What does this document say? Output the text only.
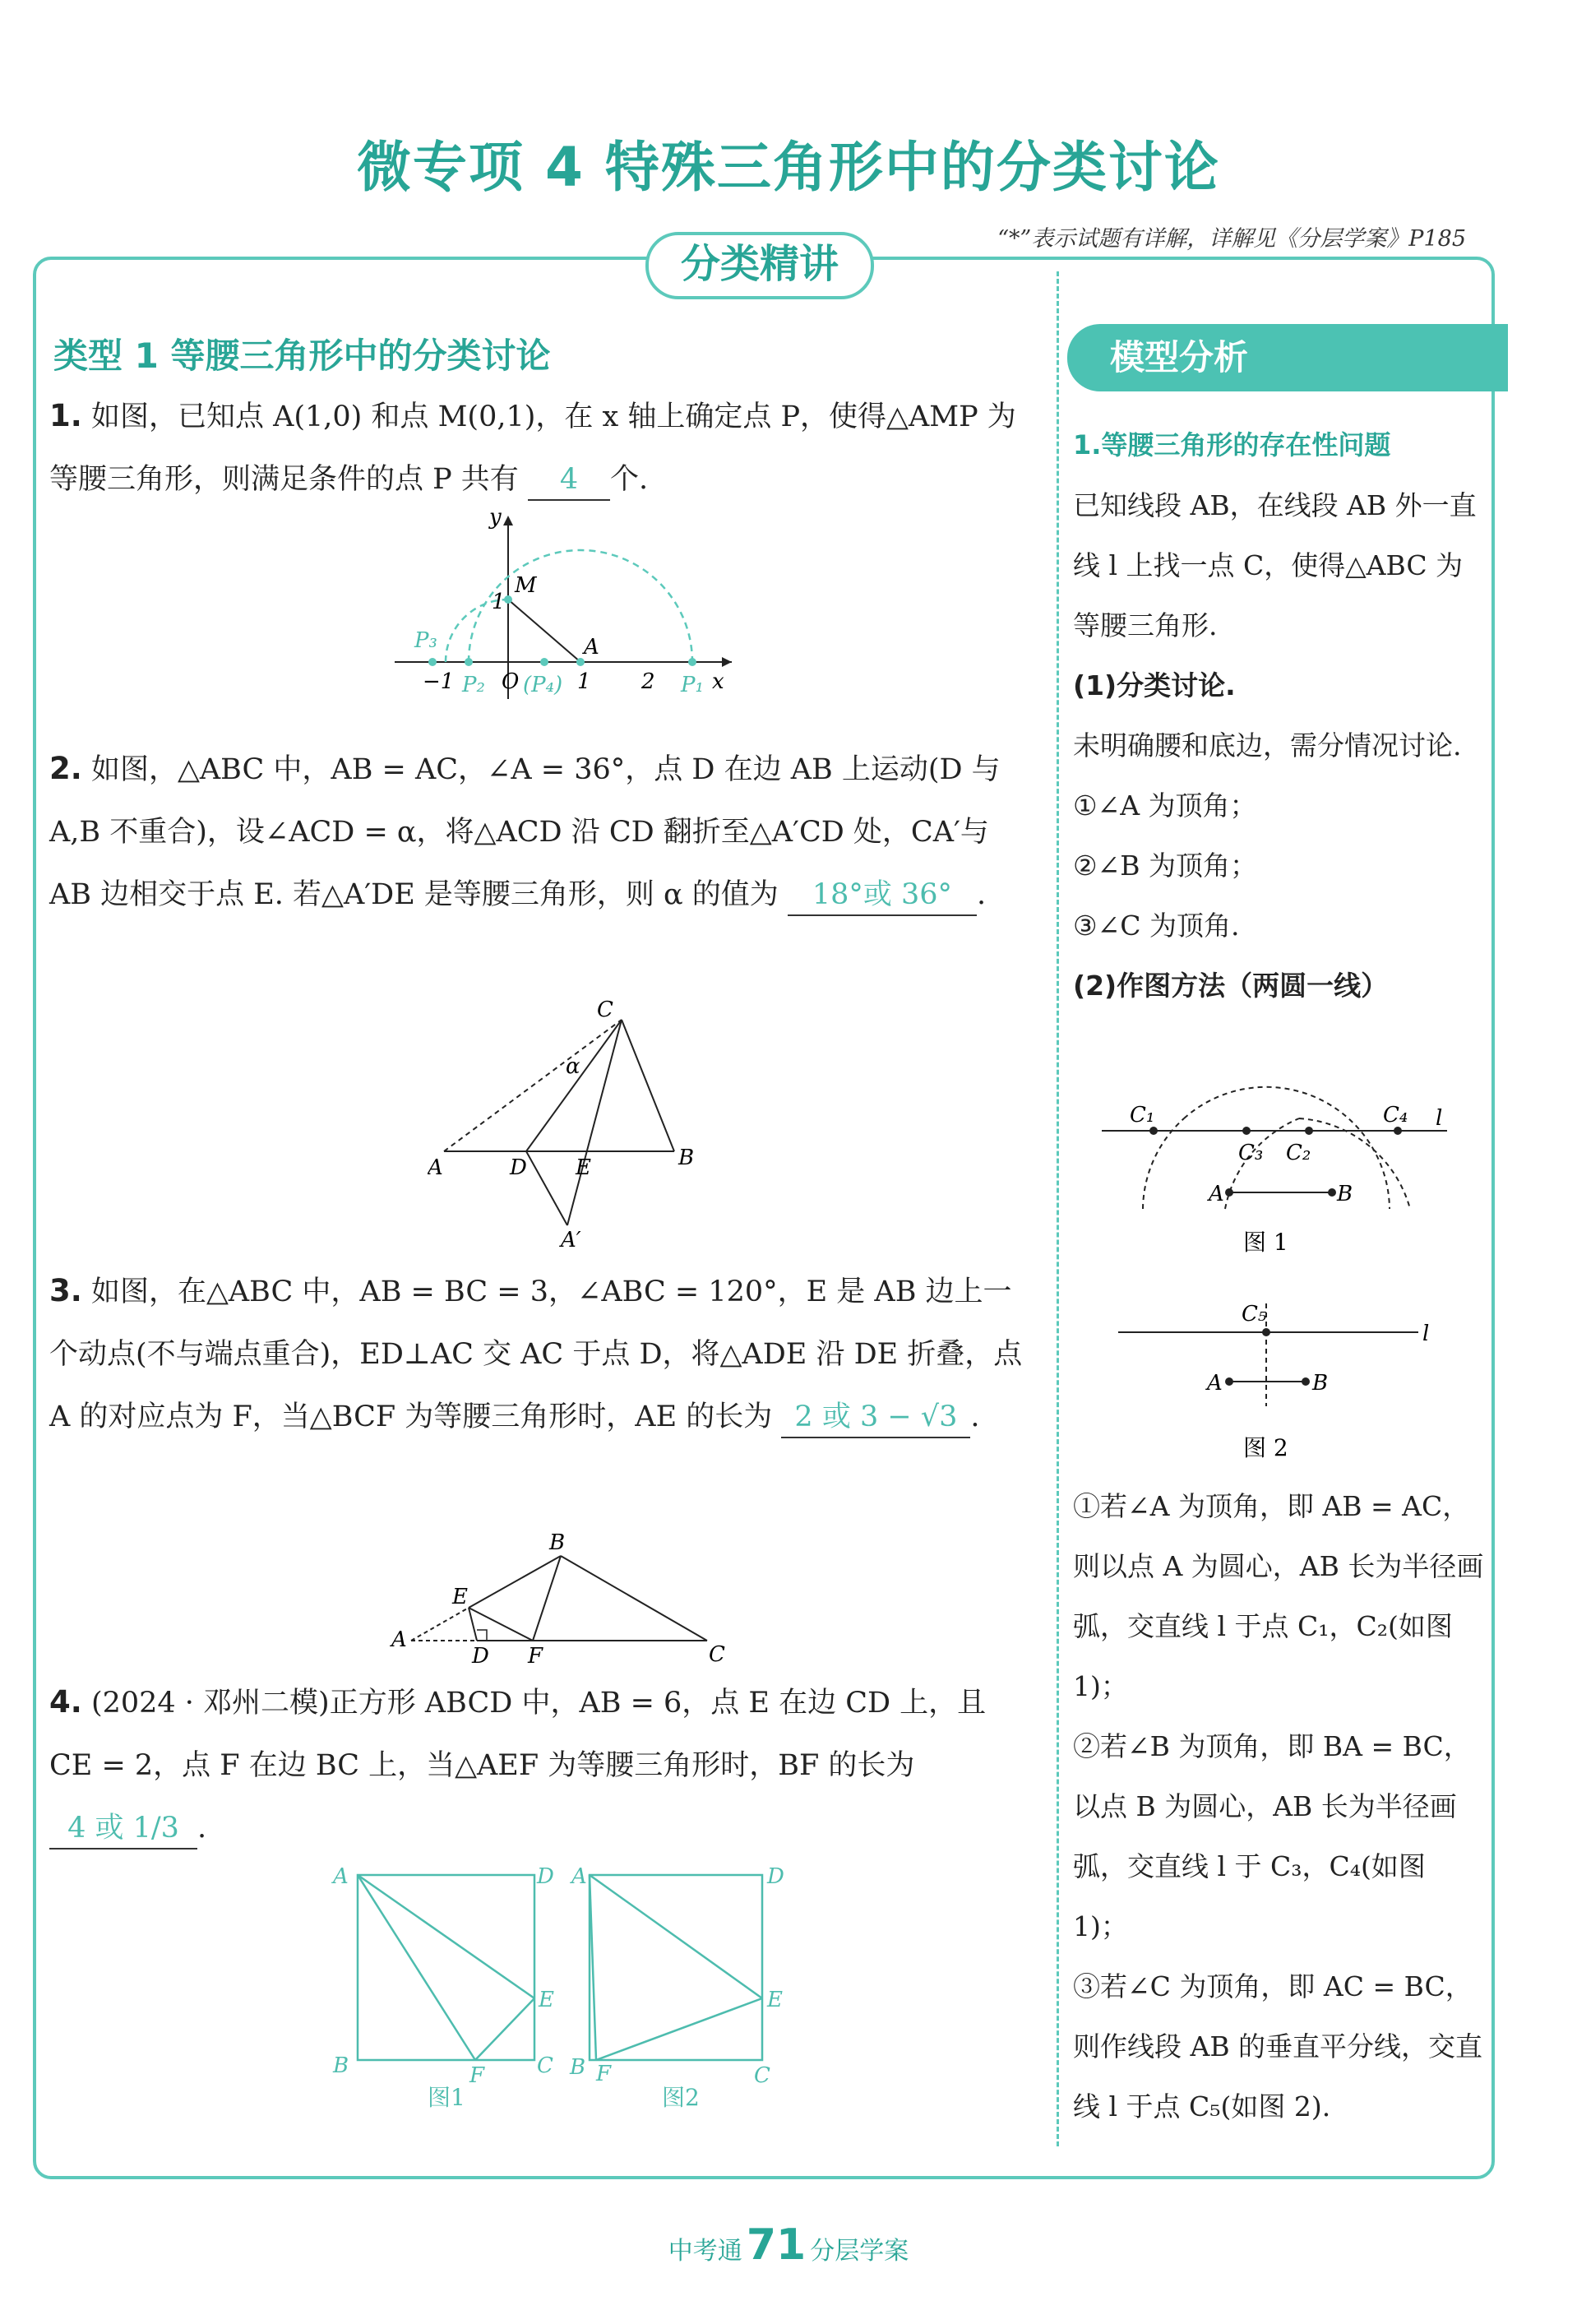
微专项 4 特殊三角形中的分类讨论
“*”表示试题有详解，详解见《分层学案》P185
分类精讲
类型 1 等腰三角形中的分类讨论
1. 如图，已知点 A(1,0) 和点 M(0,1)，在 x 轴上确定点 P，使得△AMP 为等腰三角形，则满足条件的点 P 共有 4 个.
y
M
1
A
P₃
−1 P₂ O (P₄) 1 2 P₁ x
2. 如图，△ABC 中，AB = AC，∠A = 36°，点 D 在边 AB 上运动(D 与 A,B 不重合)，设∠ACD = α，将△ACD 沿 CD 翻折至△A′CD 处，CA′与 AB 边相交于点 E. 若△A′DE 是等腰三角形，则 α 的值为 18°或 36° .
C
α
A	D E	B
A′
3. 如图，在△ABC 中，AB = BC = 3，∠ABC = 120°，E 是 AB 边上一个动点(不与端点重合)，ED⊥AC 交 AC 于点 D，将△ADE 沿 DE 折叠，点 A 的对应点为 F，当△BCF 为等腰三角形时，AE 的长为 2 或 3 − √3 .
B
E
A
D F	C
4. (2024 · 邓州二模)正方形 ABCD 中，AB = 6，点 E 在边 CD 上，且 CE = 2，点 F 在边 BC 上，当△AEF 为等腰三角形时，BF 的长为 4 或 1/3 .
A	D
E
B	F C
图1
A	D
E
B F	C
图2
模型分析
1.等腰三角形的存在性问题
已知线段 AB，在线段 AB 外一直线 l 上找一点 C，使得△ABC 为等腰三角形.
(1)分类讨论.
未明确腰和底边，需分情况讨论.
①∠A 为顶角；
②∠B 为顶角；
③∠C 为顶角.
(2)作图方法（两圆一线）
C₁
C₃ C₂
C₄ l
A	B
图 1
C₅
l
A	B
图 2
①若∠A 为顶角，即 AB = AC，则以点 A 为圆心，AB 长为半径画弧，交直线 l 于点 C₁，C₂(如图 1)；
②若∠B 为顶角，即 BA = BC，以点 B 为圆心，AB 长为半径画弧，交直线 l 于 C₃，C₄(如图 1)；
③若∠C 为顶角，即 AC = BC，则作线段 AB 的垂直平分线，交直线 l 于点 C₅(如图 2).
中考通 71 分层学案
